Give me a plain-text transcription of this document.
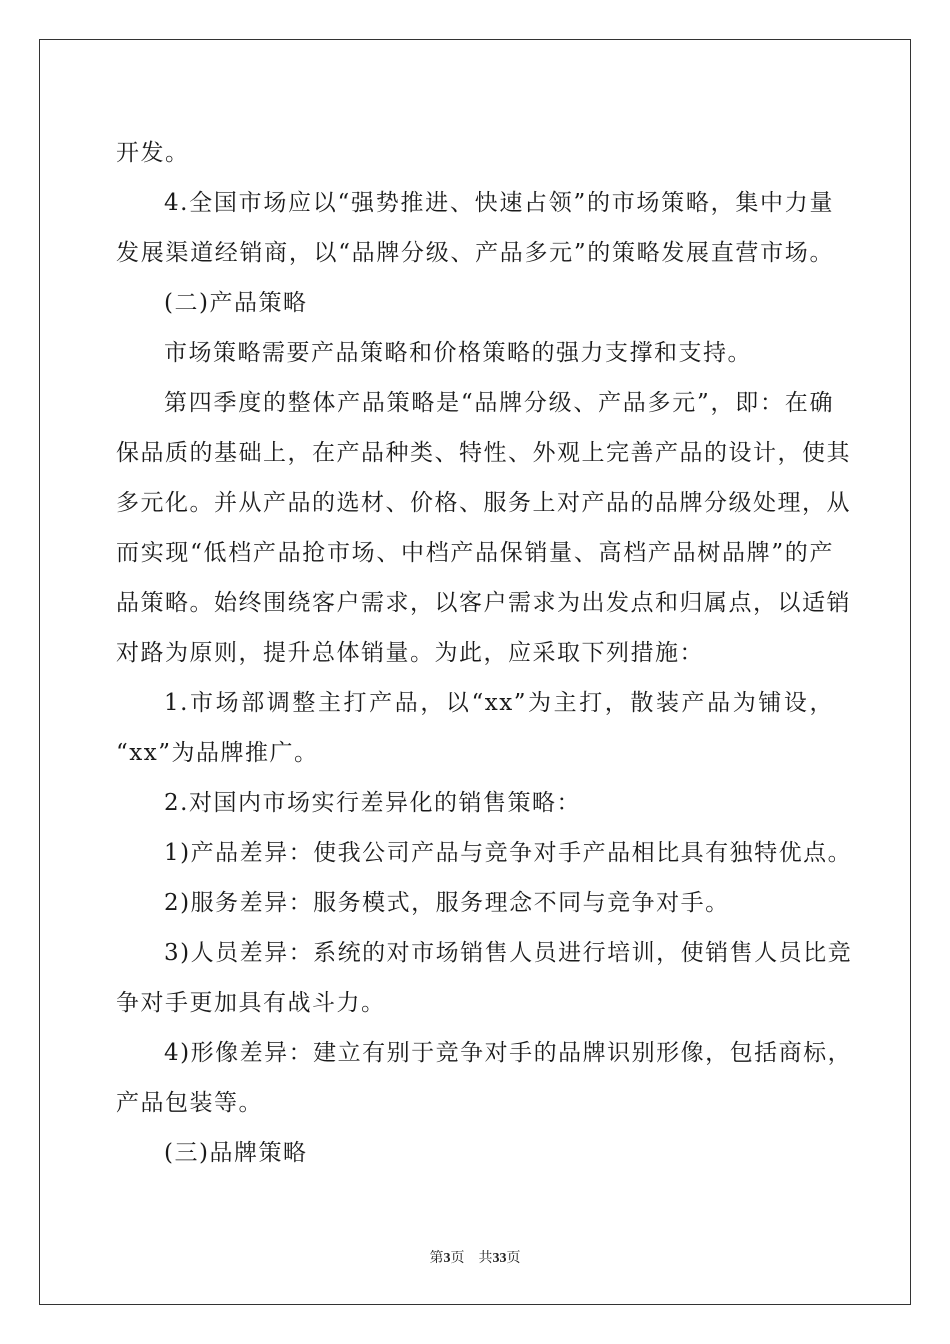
开发。
4.全国市场应以“强势推进、快速占领”的市场策略，集中力量
发展渠道经销商，以“品牌分级、产品多元”的策略发展直营市场。
(二)产品策略
市场策略需要产品策略和价格策略的强力支撑和支持。
第四季度的整体产品策略是“品牌分级、产品多元”，即：在确
保品质的基础上，在产品种类、特性、外观上完善产品的设计，使其
多元化。并从产品的选材、价格、服务上对产品的品牌分级处理，从
而实现“低档产品抢市场、中档产品保销量、高档产品树品牌”的产
品策略。始终围绕客户需求，以客户需求为出发点和归属点，以适销
对路为原则，提升总体销量。为此，应采取下列措施：
1.市场部调整主打产品，以“xx”为主打，散装产品为铺设，
“xx”为品牌推广。
2.对国内市场实行差异化的销售策略：
1)产品差异：使我公司产品与竞争对手产品相比具有独特优点。
2)服务差异：服务模式，服务理念不同与竞争对手。
3)人员差异：系统的对市场销售人员进行培训，使销售人员比竞
争对手更加具有战斗力。
4)形像差异：建立有别于竞争对手的品牌识别形像，包括商标，
产品包装等。
(三)品牌策略
第3页 共33页
